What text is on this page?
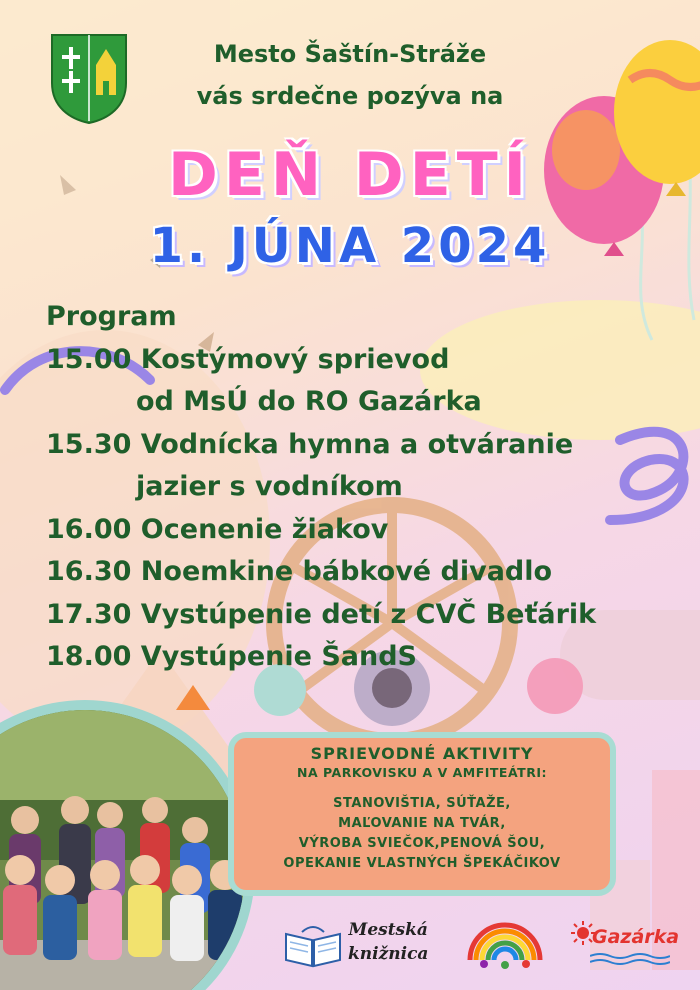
Mesto Šaštín-Stráže
vás srdečne pozýva na
DEŇ DETÍ
1. JÚNA 2024
Program
15.00 Kostýmový sprievod
od MsÚ do RO Gazárka
15.30 Vodnícka hymna a otváranie
jazier s vodníkom
16.00 Ocenenie žiakov
16.30 Noemkine bábkové divadlo
17.30 Vystúpenie detí z CVČ Beťárik
18.00 Vystúpenie ŠandS
SPRIEVODNÉ AKTIVITY
NA PARKOVISKU A V AMFITEÁTRI:
STANOVIŠTIA, SÚŤAŽE,
MAĽOVANIE NA TVÁR,
VÝROBA SVIEČOK,PENOVÁ ŠOU,
OPEKANIE VLASTNÝCH ŠPEKÁČIKOV
Mestská
knižnica
Gazárka
